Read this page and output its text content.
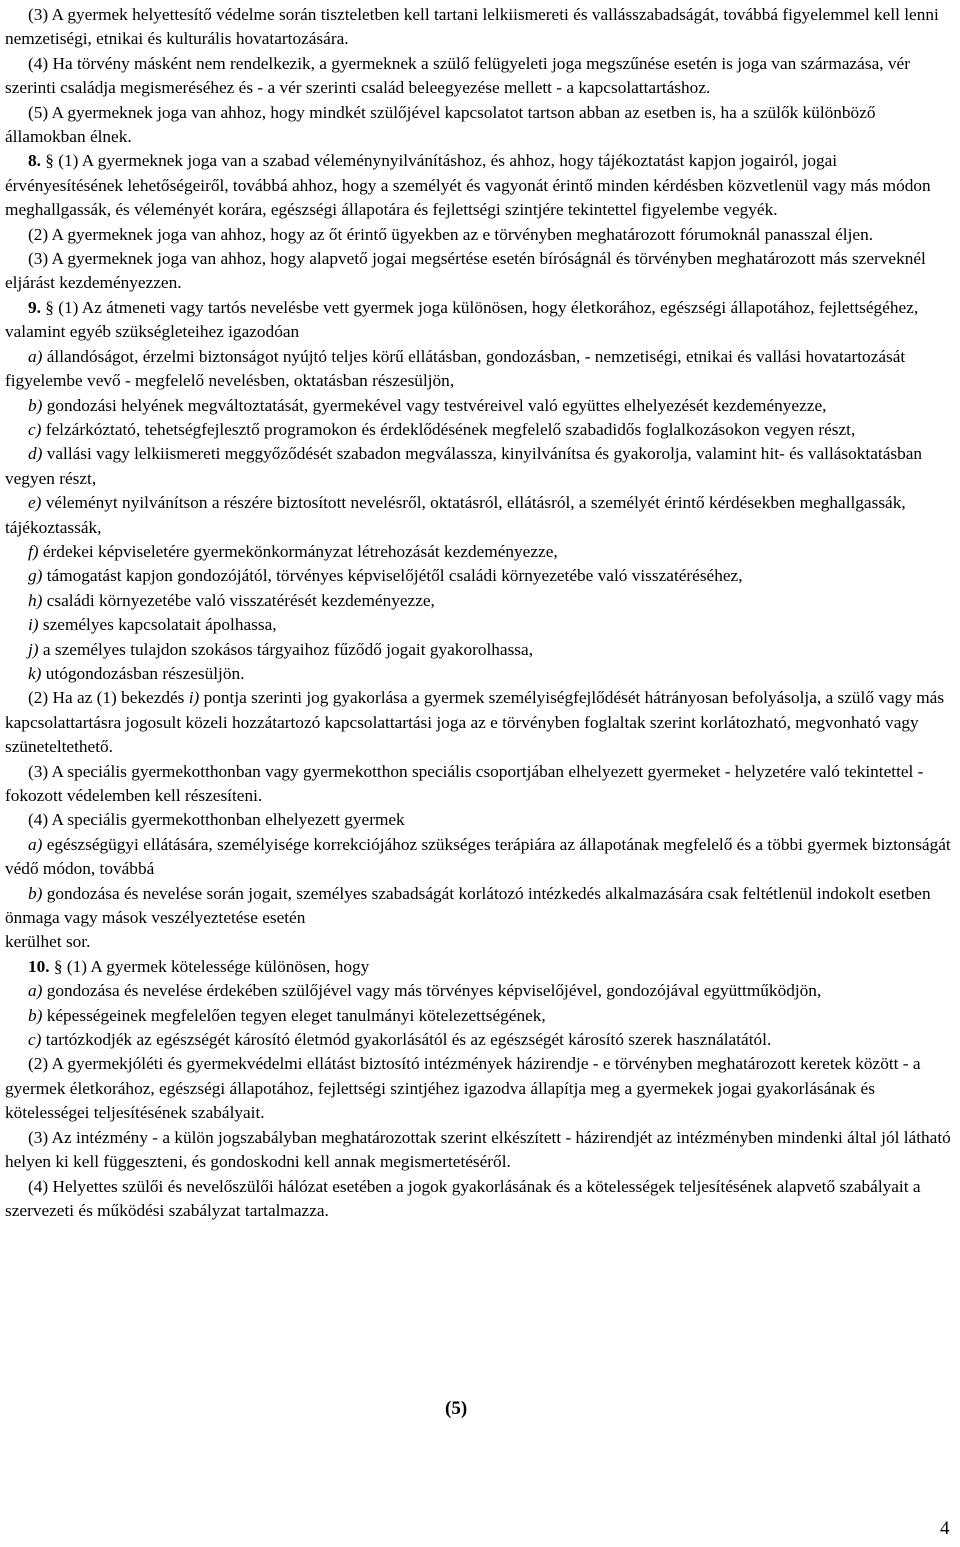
(3) A gyermek helyettesítő védelme során tiszteletben kell tartani lelkiismereti és vallásszabadságát, továbbá figyelemmel kell lenni nemzetiségi, etnikai és kulturális hovatartozására.

(4) Ha törvény másként nem rendelkezik, a gyermeknek a szülő felügyeleti joga megszűnése esetén is joga van származása, vér szerinti családja megismeréséhez és - a vér szerinti család beleegyezése mellett - a kapcsolattartáshoz.

(5) A gyermeknek joga van ahhoz, hogy mindkét szülőjével kapcsolatot tartson abban az esetben is, ha a szülők különböző államokban élnek.

8. § (1) A gyermeknek joga van a szabad véleménynyilvánításhoz, és ahhoz, hogy tájékoztatást kapjon jogairól, jogai érvényesítésének lehetőségeiről, továbbá ahhoz, hogy a személyét és vagyonát érintő minden kérdésben közvetlenül vagy más módon meghallgassák, és véleményét korára, egészségi állapotára és fejlettségi szintjére tekintettel figyelembe vegyék.

(2) A gyermeknek joga van ahhoz, hogy az őt érintő ügyekben az e törvényben meghatározott fórumoknál panasszal éljen.

(3) A gyermeknek joga van ahhoz, hogy alapvető jogai megsértése esetén bíróságnál és törvényben meghatározott más szerveknél eljárást kezdeményezzen.

9. § (1) Az átmeneti vagy tartós nevelésbe vett gyermek joga különösen, hogy életkorához, egészségi állapotához, fejlettségéhez, valamint egyéb szükségleteihez igazodóan

a) állandóságot, érzelmi biztonságot nyújtó teljes körű ellátásban, gondozásban, - nemzetiségi, etnikai és vallási hovatartozását figyelembe vevő - megfelelő nevelésben, oktatásban részesüljön,

b) gondozási helyének megváltoztatását, gyermekével vagy testvéreivel való együttes elhelyezését kezdeményezze,

c) felzárkóztató, tehetségfejlesztő programokon és érdeklődésének megfelelő szabadidős foglalkozásokon vegyen részt,

d) vallási vagy lelkiismereti meggyőződését szabadon megválassza, kinyilvánítsa és gyakorolja, valamint hit- és vallásoktatásban vegyen részt,

e) véleményt nyilvánítson a részére biztosított nevelésről, oktatásról, ellátásról, a személyét érintő kérdésekben meghallgassák, tájékoztassák,

f) érdekei képviseletére gyermekönkormányzat létrehozását kezdeményezze,

g) támogatást kapjon gondozójától, törvényes képviselőjétől családi környezetébe való visszatéréséhez,

h) családi környezetébe való visszatérését kezdeményezze,

i) személyes kapcsolatait ápolhassa,

j) a személyes tulajdon szokásos tárgyaihoz fűződő jogait gyakorolhassa,

k) utógondozásban részesüljön.

(2) Ha az (1) bekezdés i) pontja szerinti jog gyakorlása a gyermek személyiségfejlődését hátrányosan befolyásolja, a szülő vagy más kapcsolattartásra jogosult közeli hozzátartozó kapcsolattartási joga az e törvényben foglaltak szerint korlátozható, megvonható vagy szüneteltethető.

(3) A speciális gyermekotthonban vagy gyermekotthon speciális csoportjában elhelyezett gyermeket - helyzetére való tekintettel - fokozott védelemben kell részesíteni.

(4) A speciális gyermekotthonban elhelyezett gyermek

a) egészségügyi ellátására, személyisége korrekciójához szükséges terápiára az állapotának megfelelő és a többi gyermek biztonságát védő módon, továbbá

b) gondozása és nevelése során jogait, személyes szabadságát korlátozó intézkedés alkalmazására csak feltétlenül indokolt esetben önmaga vagy mások veszélyeztetése esetén

kerülhet sor.

10. § (1) A gyermek kötelessége különösen, hogy

a) gondozása és nevelése érdekében szülőjével vagy más törvényes képviselőjével, gondozójával együttműködjön,

b) képességeinek megfelelően tegyen eleget tanulmányi kötelezettségének,

c) tartózkodjék az egészségét károsító életmód gyakorlásától és az egészségét károsító szerek használatától.

(2) A gyermekjóléti és gyermekvédelmi ellátást biztosító intézmények házirendje - e törvényben meghatározott keretek között - a gyermek életkorához, egészségi állapotához, fejlettségi szintjéhez igazodva állapítja meg a gyermekek jogai gyakorlásának és kötelességei teljesítésének szabályait.

(3) Az intézmény - a külön jogszabályban meghatározottak szerint elkészített - házirendjét az intézményben mindenki által jól látható helyen ki kell függeszteni, és gondoskodni kell annak megismertetéséről.

(4) Helyettes szülői és nevelőszülői hálózat esetében a jogok gyakorlásának és a kötelességek teljesítésének alapvető szabályait a szervezeti és működési szabályzat tartalmazza.

(5)
4
